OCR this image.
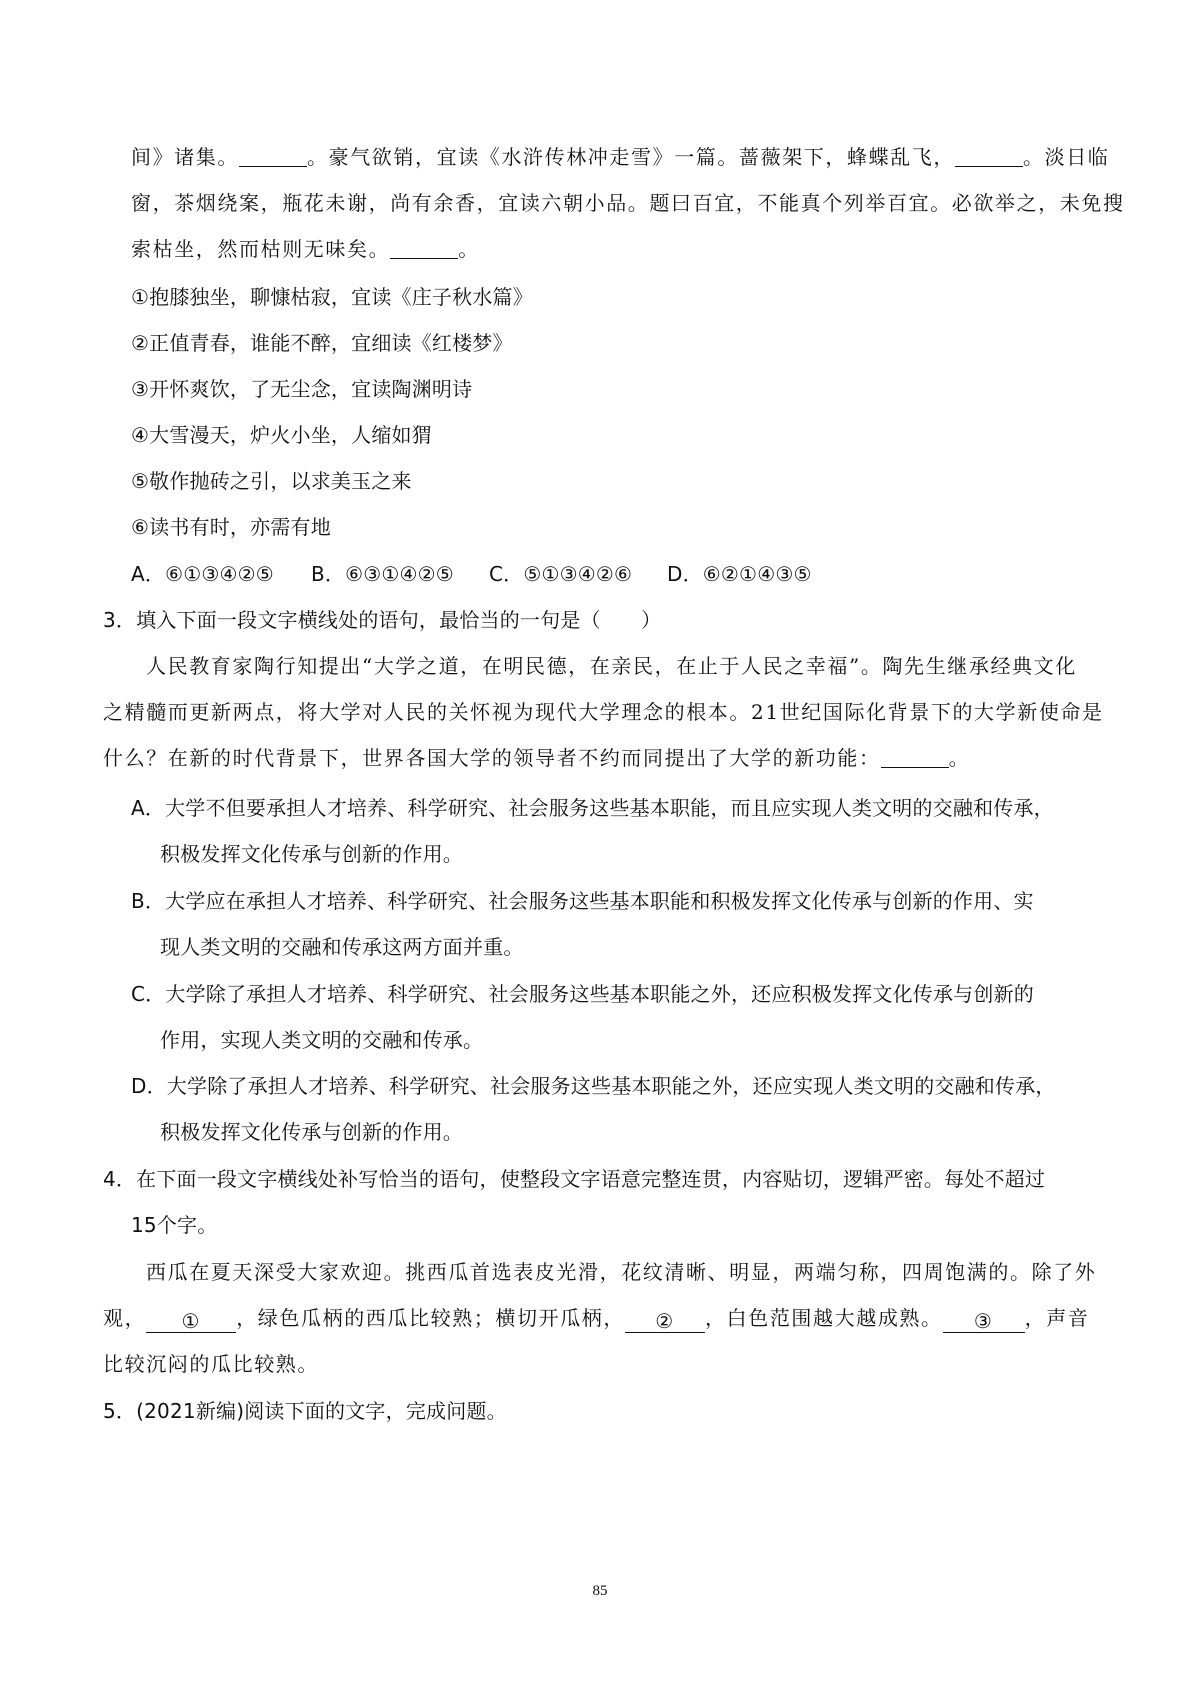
间》诸集。	。豪气欲销，宜读《水浒传林冲走雪》一篇。蔷薇架下，蜂蝶乱飞，	。淡日临
窗，茶烟绕案，瓶花未谢，尚有余香，宜读六朝小品。题曰百宜，不能真个列举百宜。必欲举之，未免搜
索枯坐，然而枯则无味矣。	。
①抱膝独坐，聊慷枯寂，宜读《庄子秋水篇》
②正值青春，谁能不醉，宜细读《红楼梦》
③开怀爽饮，了无尘念，宜读陶渊明诗
④大雪漫天，炉火小坐，人缩如猬
⑤敬作抛砖之引，以求美玉之来
⑥读书有时，亦需有地
A．⑥①③④②⑤ B．⑥③①④②⑤ C．⑤①③④②⑥ D．⑥②①④③⑤
3．填入下面一段文字横线处的语句，最恰当的一句是（　　）
人民教育家陶行知提出“大学之道，在明民德，在亲民，在止于人民之幸福”。陶先生继承经典文化
之精髓而更新两点，将大学对人民的关怀视为现代大学理念的根本。21世纪国际化背景下的大学新使命是
什么？在新的时代背景下，世界各国大学的领导者不约而同提出了大学的新功能：	。
A．大学不但要承担人才培养、科学研究、社会服务这些基本职能，而且应实现人类文明的交融和传承，
积极发挥文化传承与创新的作用。
B．大学应在承担人才培养、科学研究、社会服务这些基本职能和积极发挥文化传承与创新的作用、实
现人类文明的交融和传承这两方面并重。
C．大学除了承担人才培养、科学研究、社会服务这些基本职能之外，还应积极发挥文化传承与创新的
作用，实现人类文明的交融和传承。
D．大学除了承担人才培养、科学研究、社会服务这些基本职能之外，还应实现人类文明的交融和传承，
积极发挥文化传承与创新的作用。
4．在下面一段文字横线处补写恰当的语句，使整段文字语意完整连贯，内容贴切，逻辑严密。每处不超过
15个字。
西瓜在夏天深受大家欢迎。挑西瓜首选表皮光滑，花纹清晰、明显，两端匀称，四周饱满的。除了外
观， ① ，绿色瓜柄的西瓜比较熟；横切开瓜柄， ② ，白色范围越大越成熟。 ③ ，声音
比较沉闷的瓜比较熟。
5．(2021新编)阅读下面的文字，完成问题。
85
